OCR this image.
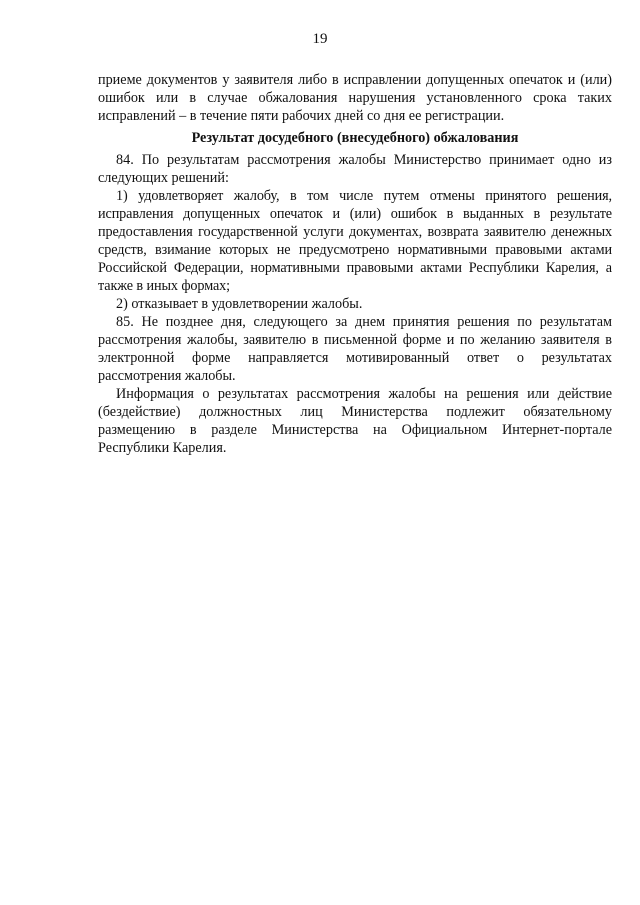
19

приеме документов у заявителя либо в исправлении допущенных опечаток и (или) ошибок или в случае обжалования нарушения установленного срока таких исправлений – в течение пяти рабочих дней со дня ее регистрации.

Результат досудебного (внесудебного) обжалования

84. По результатам рассмотрения жалобы Министерство принимает одно из следующих решений:

1) удовлетворяет жалобу, в том числе путем отмены принятого решения, исправления допущенных опечаток и (или) ошибок в выданных в результате предоставления государственной услуги документах, возврата заявителю денежных средств, взимание которых не предусмотрено нормативными правовыми актами Российской Федерации, нормативными правовыми актами Республики Карелия, а также в иных формах;

2) отказывает в удовлетворении жалобы.

85. Не позднее дня, следующего за днем принятия решения по результатам рассмотрения жалобы, заявителю в письменной форме и по желанию заявителя в электронной форме направляется мотивированный ответ о результатах рассмотрения жалобы.

Информация о результатах рассмотрения жалобы на решения или действие (бездействие) должностных лиц Министерства подлежит обязательному размещению в разделе Министерства на Официальном Интернет-портале Республики Карелия.
